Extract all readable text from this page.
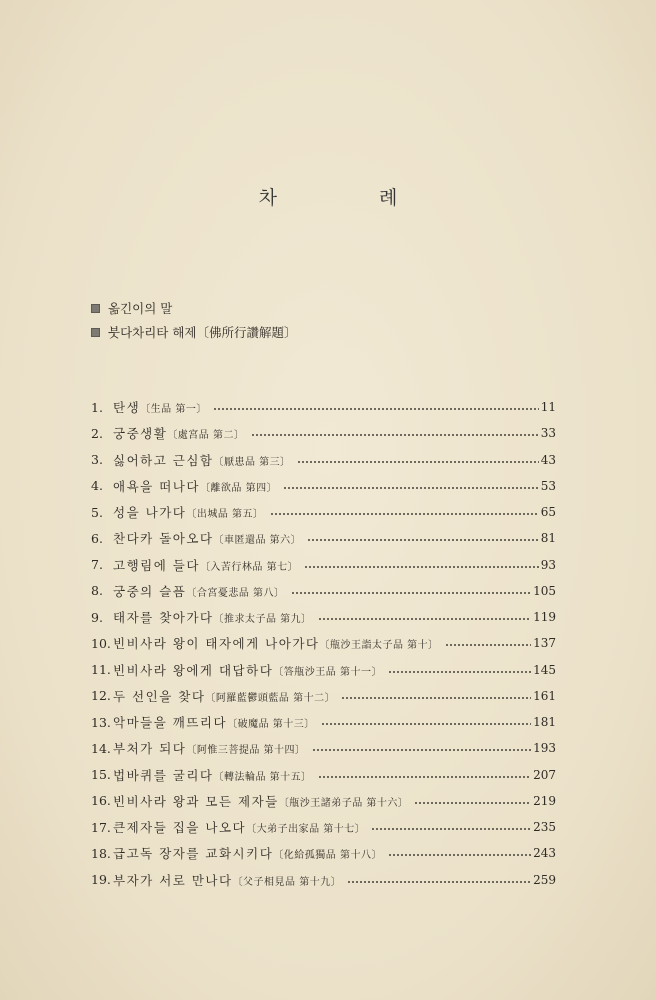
차 례
옮긴이의 말
붓다차리타 해제〔佛所行讚解題〕
1. 탄생〔生品 第一〕	11
2. 궁중생활〔處宮品 第二〕	33
3. 싫어하고 근심함〔厭患品 第三〕	43
4. 애욕을 떠나다〔離欲品 第四〕	53
5. 성을 나가다〔出城品 第五〕	65
6. 찬다카 돌아오다〔車匿還品 第六〕	81
7. 고행림에 들다〔入苦行林品 第七〕	93
8. 궁중의 슬픔〔合宮憂悲品 第八〕	105
9. 태자를 찾아가다〔推求太子品 第九〕	119
10. 빈비사라 왕이 태자에게 나아가다〔甁沙王詣太子品 第十〕	137
11. 빈비사라 왕에게 대답하다〔答甁沙王品 第十一〕	145
12. 두 선인을 찾다〔阿羅藍鬱頭藍品 第十二〕	161
13. 악마들을 깨뜨리다〔破魔品 第十三〕	181
14. 부처가 되다〔阿惟三菩提品 第十四〕	193
15. 법바퀴를 굴리다〔轉法輪品 第十五〕	207
16. 빈비사라 왕과 모든 제자들〔甁沙王諸弟子品 第十六〕	219
17. 큰제자들 집을 나오다〔大弟子出家品 第十七〕	235
18. 급고독 장자를 교화시키다〔化給孤獨品 第十八〕	243
19. 부자가 서로 만나다〔父子相見品 第十九〕	259
